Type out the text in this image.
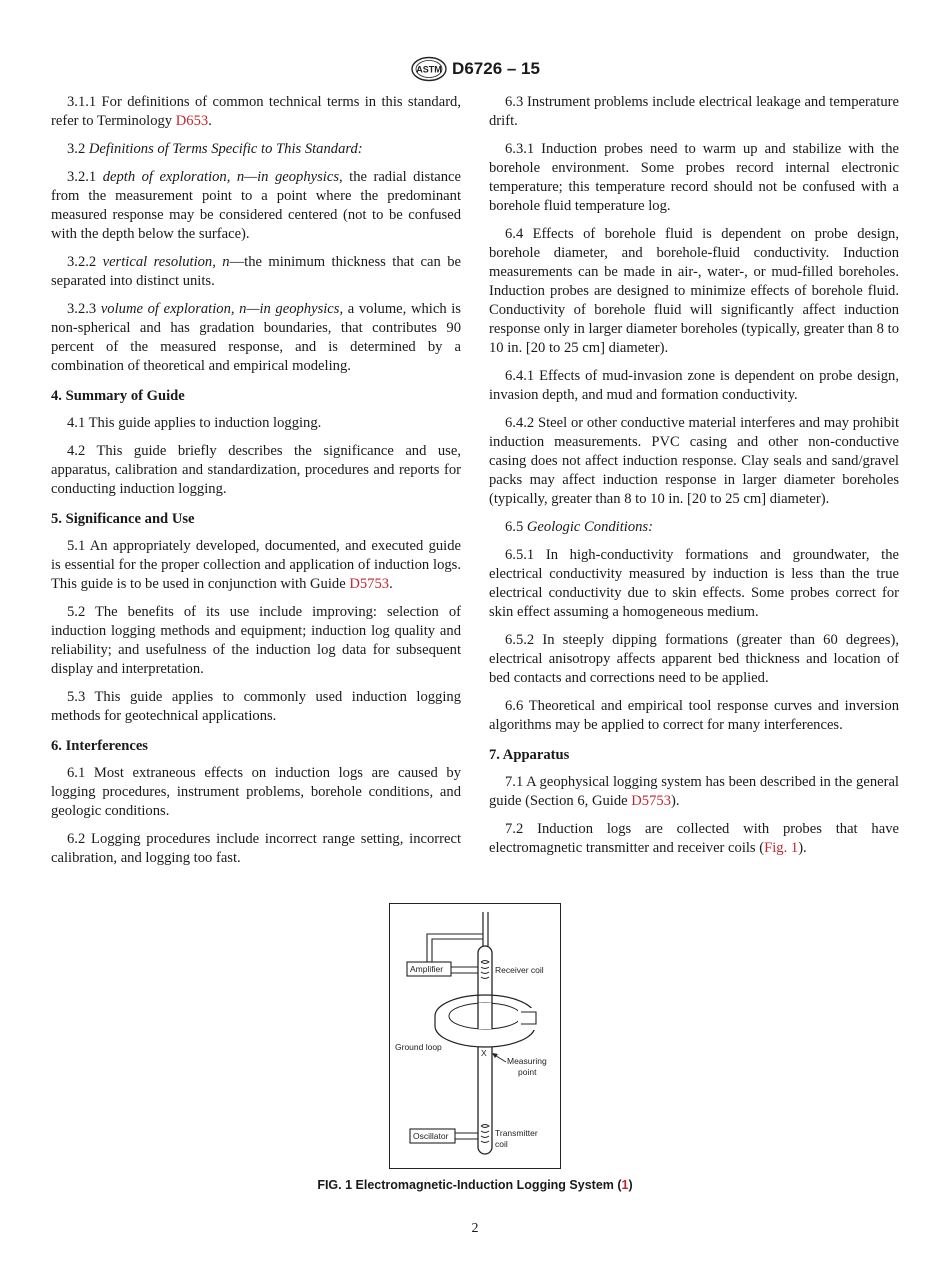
ASTM D6726 – 15

3.1.1 For definitions of common technical terms in this standard, refer to Terminology D653.

3.2 Definitions of Terms Specific to This Standard:

3.2.1 depth of exploration, n—in geophysics, the radial distance from the measurement point to a point where the predominant measured response may be considered centered (not to be confused with the depth below the surface).

3.2.2 vertical resolution, n—the minimum thickness that can be separated into distinct units.

3.2.3 volume of exploration, n—in geophysics, a volume, which is non-spherical and has gradation boundaries, that contributes 90 percent of the measured response, and is determined by a combination of theoretical and empirical modeling.

4. Summary of Guide

4.1 This guide applies to induction logging.

4.2 This guide briefly describes the significance and use, apparatus, calibration and standardization, procedures and reports for conducting induction logging.

5. Significance and Use

5.1 An appropriately developed, documented, and executed guide is essential for the proper collection and application of induction logs. This guide is to be used in conjunction with Guide D5753.

5.2 The benefits of its use include improving: selection of induction logging methods and equipment; induction log quality and reliability; and usefulness of the induction log data for subsequent display and interpretation.

5.3 This guide applies to commonly used induction logging methods for geotechnical applications.

6. Interferences

6.1 Most extraneous effects on induction logs are caused by logging procedures, instrument problems, borehole conditions, and geologic conditions.

6.2 Logging procedures include incorrect range setting, incorrect calibration, and logging too fast.

6.3 Instrument problems include electrical leakage and temperature drift.

6.3.1 Induction probes need to warm up and stabilize with the borehole environment. Some probes record internal electronic temperature; this temperature record should not be confused with a borehole fluid temperature log.

6.4 Effects of borehole fluid is dependent on probe design, borehole diameter, and borehole-fluid conductivity. Induction measurements can be made in air-, water-, or mud-filled boreholes. Induction probes are designed to minimize effects of borehole fluid. Conductivity of borehole fluid will significantly affect induction response only in larger diameter boreholes (typically, greater than 8 to 10 in. [20 to 25 cm] diameter).

6.4.1 Effects of mud-invasion zone is dependent on probe design, invasion depth, and mud and formation conductivity.

6.4.2 Steel or other conductive material interferes and may prohibit induction measurements. PVC casing and other non-conductive casing does not affect induction response. Clay seals and sand/gravel packs may affect induction response in larger diameter boreholes (typically, greater than 8 to 10 in. [20 to 25 cm] diameter).

6.5 Geologic Conditions:

6.5.1 In high-conductivity formations and groundwater, the electrical conductivity measured by induction is less than the true electrical conductivity due to skin effects. Some probes correct for skin effect assuming a homogeneous medium.

6.5.2 In steeply dipping formations (greater than 60 degrees), electrical anisotropy affects apparent bed thickness and location of bed contacts and corrections need to be applied.

6.6 Theoretical and empirical tool response curves and inversion algorithms may be applied to correct for many interferences.

7. Apparatus

7.1 A geophysical logging system has been described in the general guide (Section 6, Guide D5753).

7.2 Induction logs are collected with probes that have electromagnetic transmitter and receiver coils (Fig. 1).

Amplifier	Receiver coil
Ground loop
X
Measuring
point
Oscillator	Transmitter
coil
FIG. 1 Electromagnetic-Induction Logging System (1)
2
